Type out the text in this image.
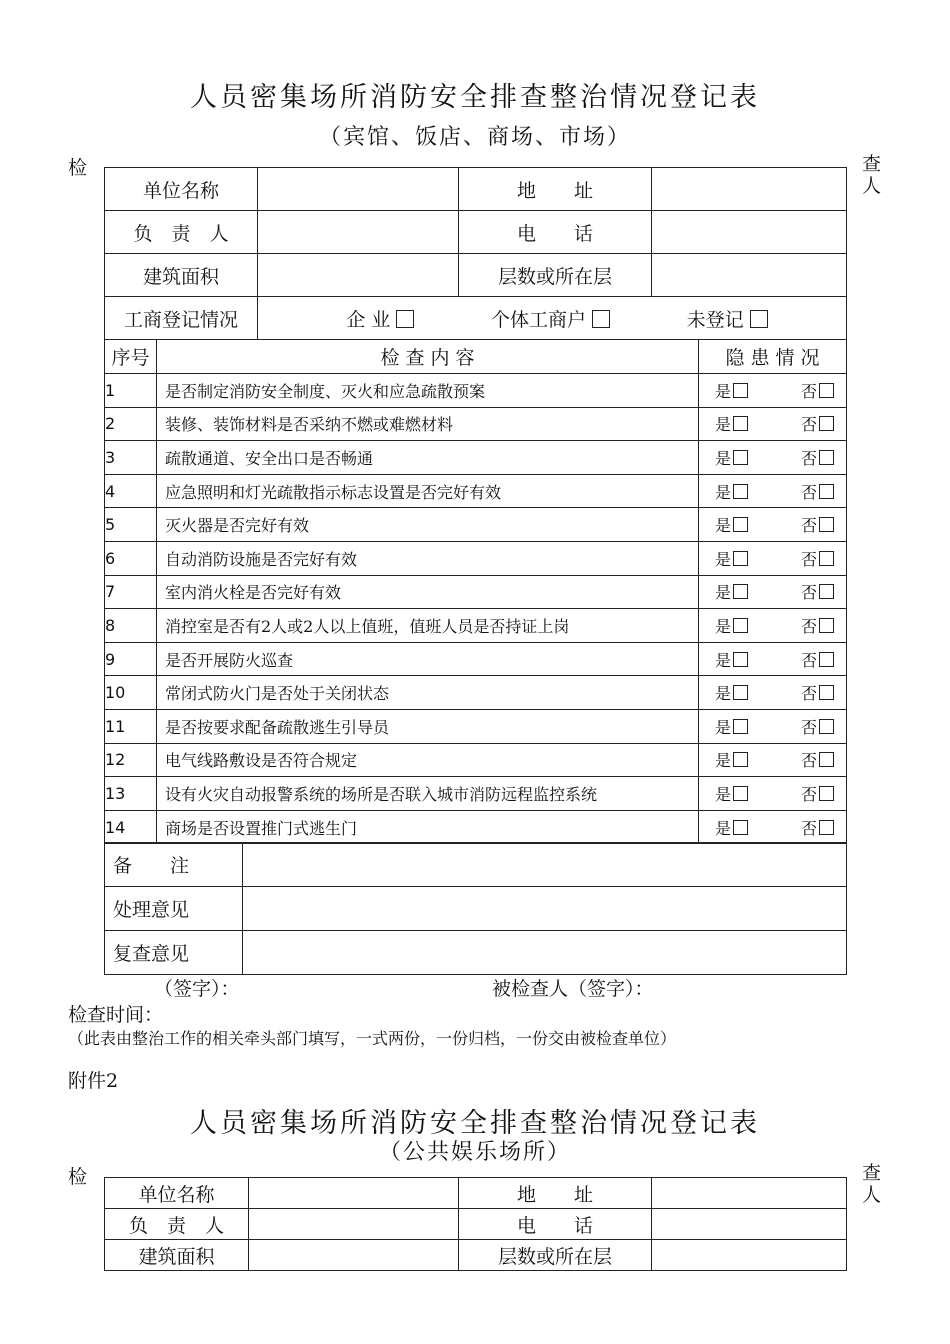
人员密集场所消防安全排查整治情况登记表
（宾馆、饭店、商场、市场）
检	查人
单位名称		地　　址	
负　责　人		电　　话	
建筑面积		层数或所在层	
工商登记情况	企 业 个体工商户 未登记		
序号	检 查 内 容	隐 患 情 况
1	是否制定消防安全制度、灭火和应急疏散预案	是 否

2	装修、装饰材料是否采纳不燃或难燃材料	是 否

3	疏散通道、安全出口是否畅通	是 否

4	应急照明和灯光疏散指示标志设置是否完好有效	是 否

5	灭火器是否完好有效	是 否

6	自动消防设施是否完好有效	是 否

7	室内消火栓是否完好有效	是 否

8	消控室是否有2人或2人以上值班，值班人员是否持证上岗	是 否

9	是否开展防火巡查	是 否

10	常闭式防火门是否处于关闭状态	是 否

11	是否按要求配备疏散逃生引导员	是 否

12	电气线路敷设是否符合规定	是 否

13	设有火灾自动报警系统的场所是否联入城市消防远程监控系统	是 否

14	商场是否设置推门式逃生门	是 否
备　　注	
处理意见	
复查意见	
（签字）：	被检查人（签字）：
检查时间：
（此表由整治工作的相关牵头部门填写，一式两份，一份归档，一份交由被检查单位）
附件2
人员密集场所消防安全排查整治情况登记表
（公共娱乐场所）
检	查人
单位名称		地　　址	
负　责　人		电　　话	
建筑面积		层数或所在层	
